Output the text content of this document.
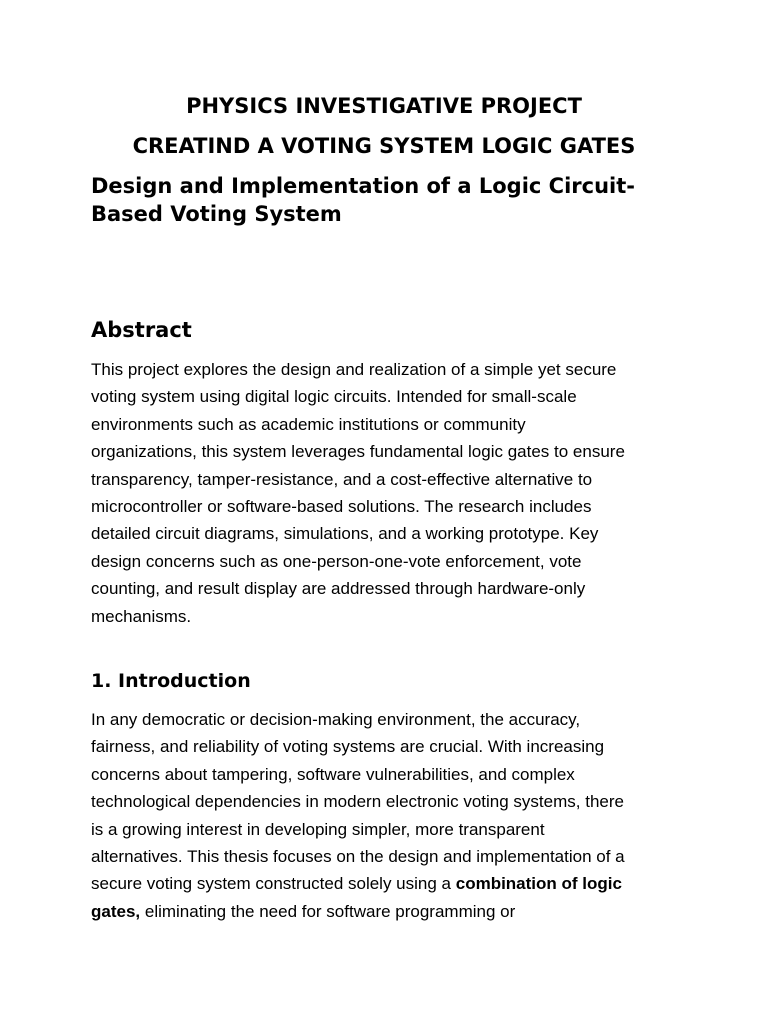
PHYSICS INVESTIGATIVE PROJECT
CREATIND A VOTING SYSTEM LOGIC GATES
Design and Implementation of a Logic Circuit-
Based Voting System
Abstract

This project explores the design and realization of a simple yet secure
voting system using digital logic circuits. Intended for small-scale
environments such as academic institutions or community
organizations, this system leverages fundamental logic gates to ensure
transparency, tamper-resistance, and a cost-effective alternative to
microcontroller or software-based solutions. The research includes
detailed circuit diagrams, simulations, and a working prototype. Key
design concerns such as one-person-one-vote enforcement, vote
counting, and result display are addressed through hardware-only
mechanisms.

1. Introduction

In any democratic or decision-making environment, the accuracy,
fairness, and reliability of voting systems are crucial. With increasing
concerns about tampering, software vulnerabilities, and complex
technological dependencies in modern electronic voting systems, there
is a growing interest in developing simpler, more transparent
alternatives. This thesis focuses on the design and implementation of a
secure voting system constructed solely using a combination of logic
gates, eliminating the need for software programming or
